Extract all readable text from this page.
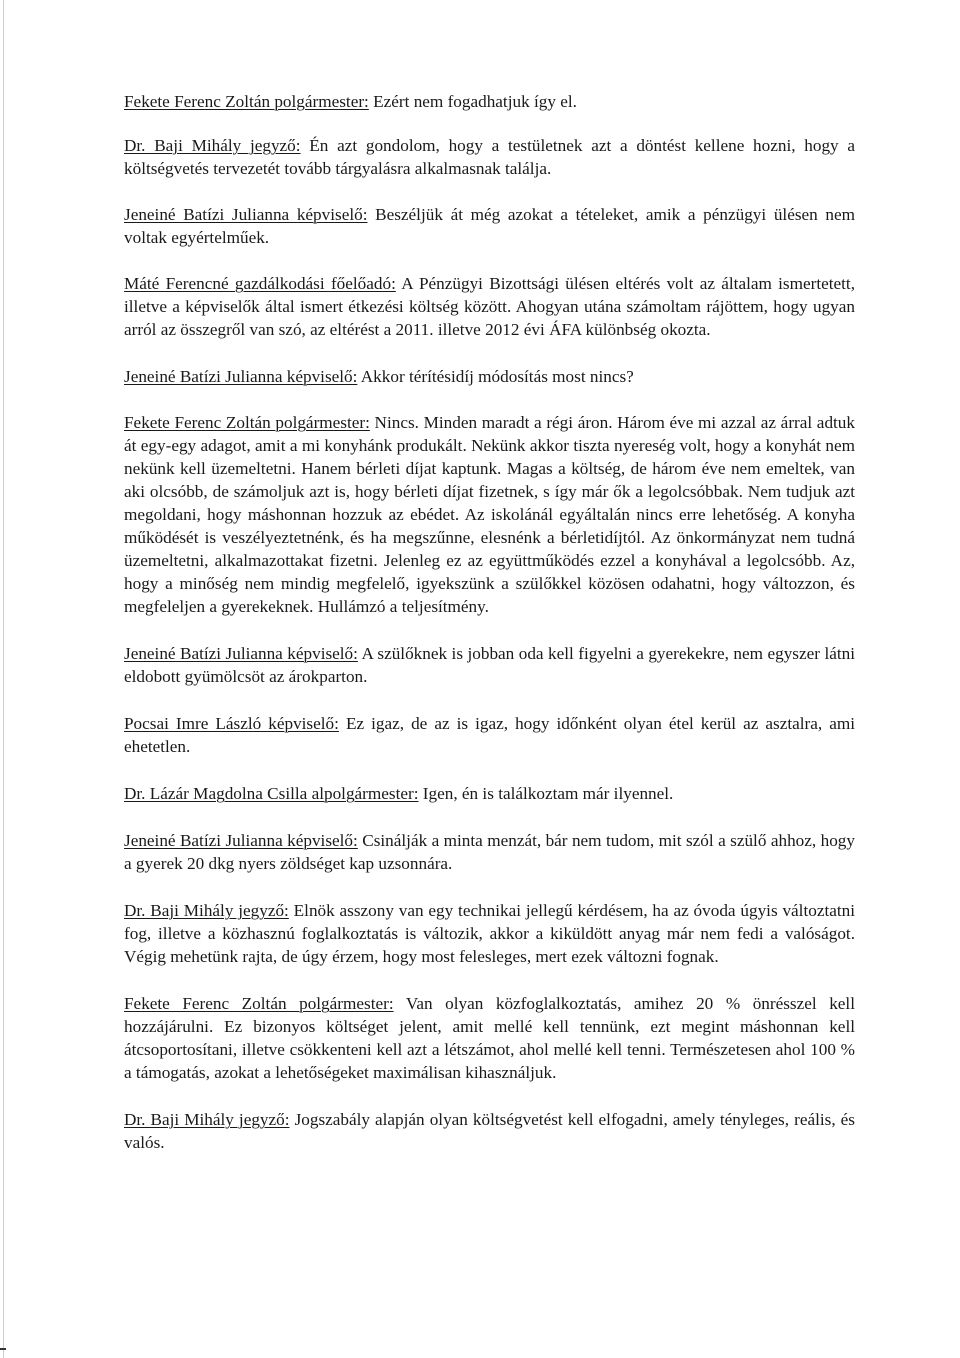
Fekete Ferenc Zoltán polgármester: Ezért nem fogadhatjuk így el.

Dr. Baji Mihály jegyző: Én azt gondolom, hogy a testületnek azt a döntést kellene hozni, hogy a költségvetés tervezetét tovább tárgyalásra alkalmasnak találja.

Jeneiné Batízi Julianna képviselő: Beszéljük át még azokat a tételeket, amik a pénzügyi ülésen nem voltak egyértelműek.

Máté Ferencné gazdálkodási főelőadó: A Pénzügyi Bizottsági ülésen eltérés volt az általam ismertetett, illetve a képviselők által ismert étkezési költség között. Ahogyan utána számoltam rájöttem, hogy ugyan arról az összegről van szó, az eltérést a 2011. illetve 2012 évi ÁFA különbség okozta.

Jeneiné Batízi Julianna képviselő: Akkor térítésidíj módosítás most nincs?

Fekete Ferenc Zoltán polgármester: Nincs. Minden maradt a régi áron. Három éve mi azzal az árral adtuk át egy-egy adagot, amit a mi konyhánk produkált. Nekünk akkor tiszta nyereség volt, hogy a konyhát nem nekünk kell üzemeltetni. Hanem bérleti díjat kaptunk. Magas a költség, de három éve nem emeltek, van aki olcsóbb, de számoljuk azt is, hogy bérleti díjat fizetnek, s így már ők a legolcsóbbak. Nem tudjuk azt megoldani, hogy máshonnan hozzuk az ebédet. Az iskolánál egyáltalán nincs erre lehetőség. A konyha működését is veszélyeztetnénk, és ha megszűnne, elesnénk a bérletidíjtól. Az önkormányzat nem tudná üzemeltetni, alkalmazottakat fizetni. Jelenleg ez az együttműködés ezzel a konyhával a legolcsóbb. Az, hogy a minőség nem mindig megfelelő, igyekszünk a szülőkkel közösen odahatni, hogy változzon, és megfeleljen a gyerekeknek. Hullámzó a teljesítmény.

Jeneiné Batízi Julianna képviselő: A szülőknek is jobban oda kell figyelni a gyerekekre, nem egyszer látni eldobott gyümölcsöt az árokparton.

Pocsai Imre László képviselő: Ez igaz, de az is igaz, hogy időnként olyan étel kerül az asztalra, ami ehetetlen.

Dr. Lázár Magdolna Csilla alpolgármester: Igen, én is találkoztam már ilyennel.

Jeneiné Batízi Julianna képviselő: Csinálják a minta menzát, bár nem tudom, mit szól a szülő ahhoz, hogy a gyerek 20 dkg nyers zöldséget kap uzsonnára.

Dr. Baji Mihály jegyző: Elnök asszony van egy technikai jellegű kérdésem, ha az óvoda úgyis változtatni fog, illetve a közhasznú foglalkoztatás is változik, akkor a kiküldött anyag már nem fedi a valóságot. Végig mehetünk rajta, de úgy érzem, hogy most felesleges, mert ezek változni fognak.

Fekete Ferenc Zoltán polgármester: Van olyan közfoglalkoztatás, amihez 20 % önrésszel kell hozzájárulni. Ez bizonyos költséget jelent, amit mellé kell tennünk, ezt megint máshonnan kell átcsoportosítani, illetve csökkenteni kell azt a létszámot, ahol mellé kell tenni. Természetesen ahol 100 % a támogatás, azokat a lehetőségeket maximálisan kihasználjuk.

Dr. Baji Mihály jegyző: Jogszabály alapján olyan költségvetést kell elfogadni, amely tényleges, reális, és valós.
